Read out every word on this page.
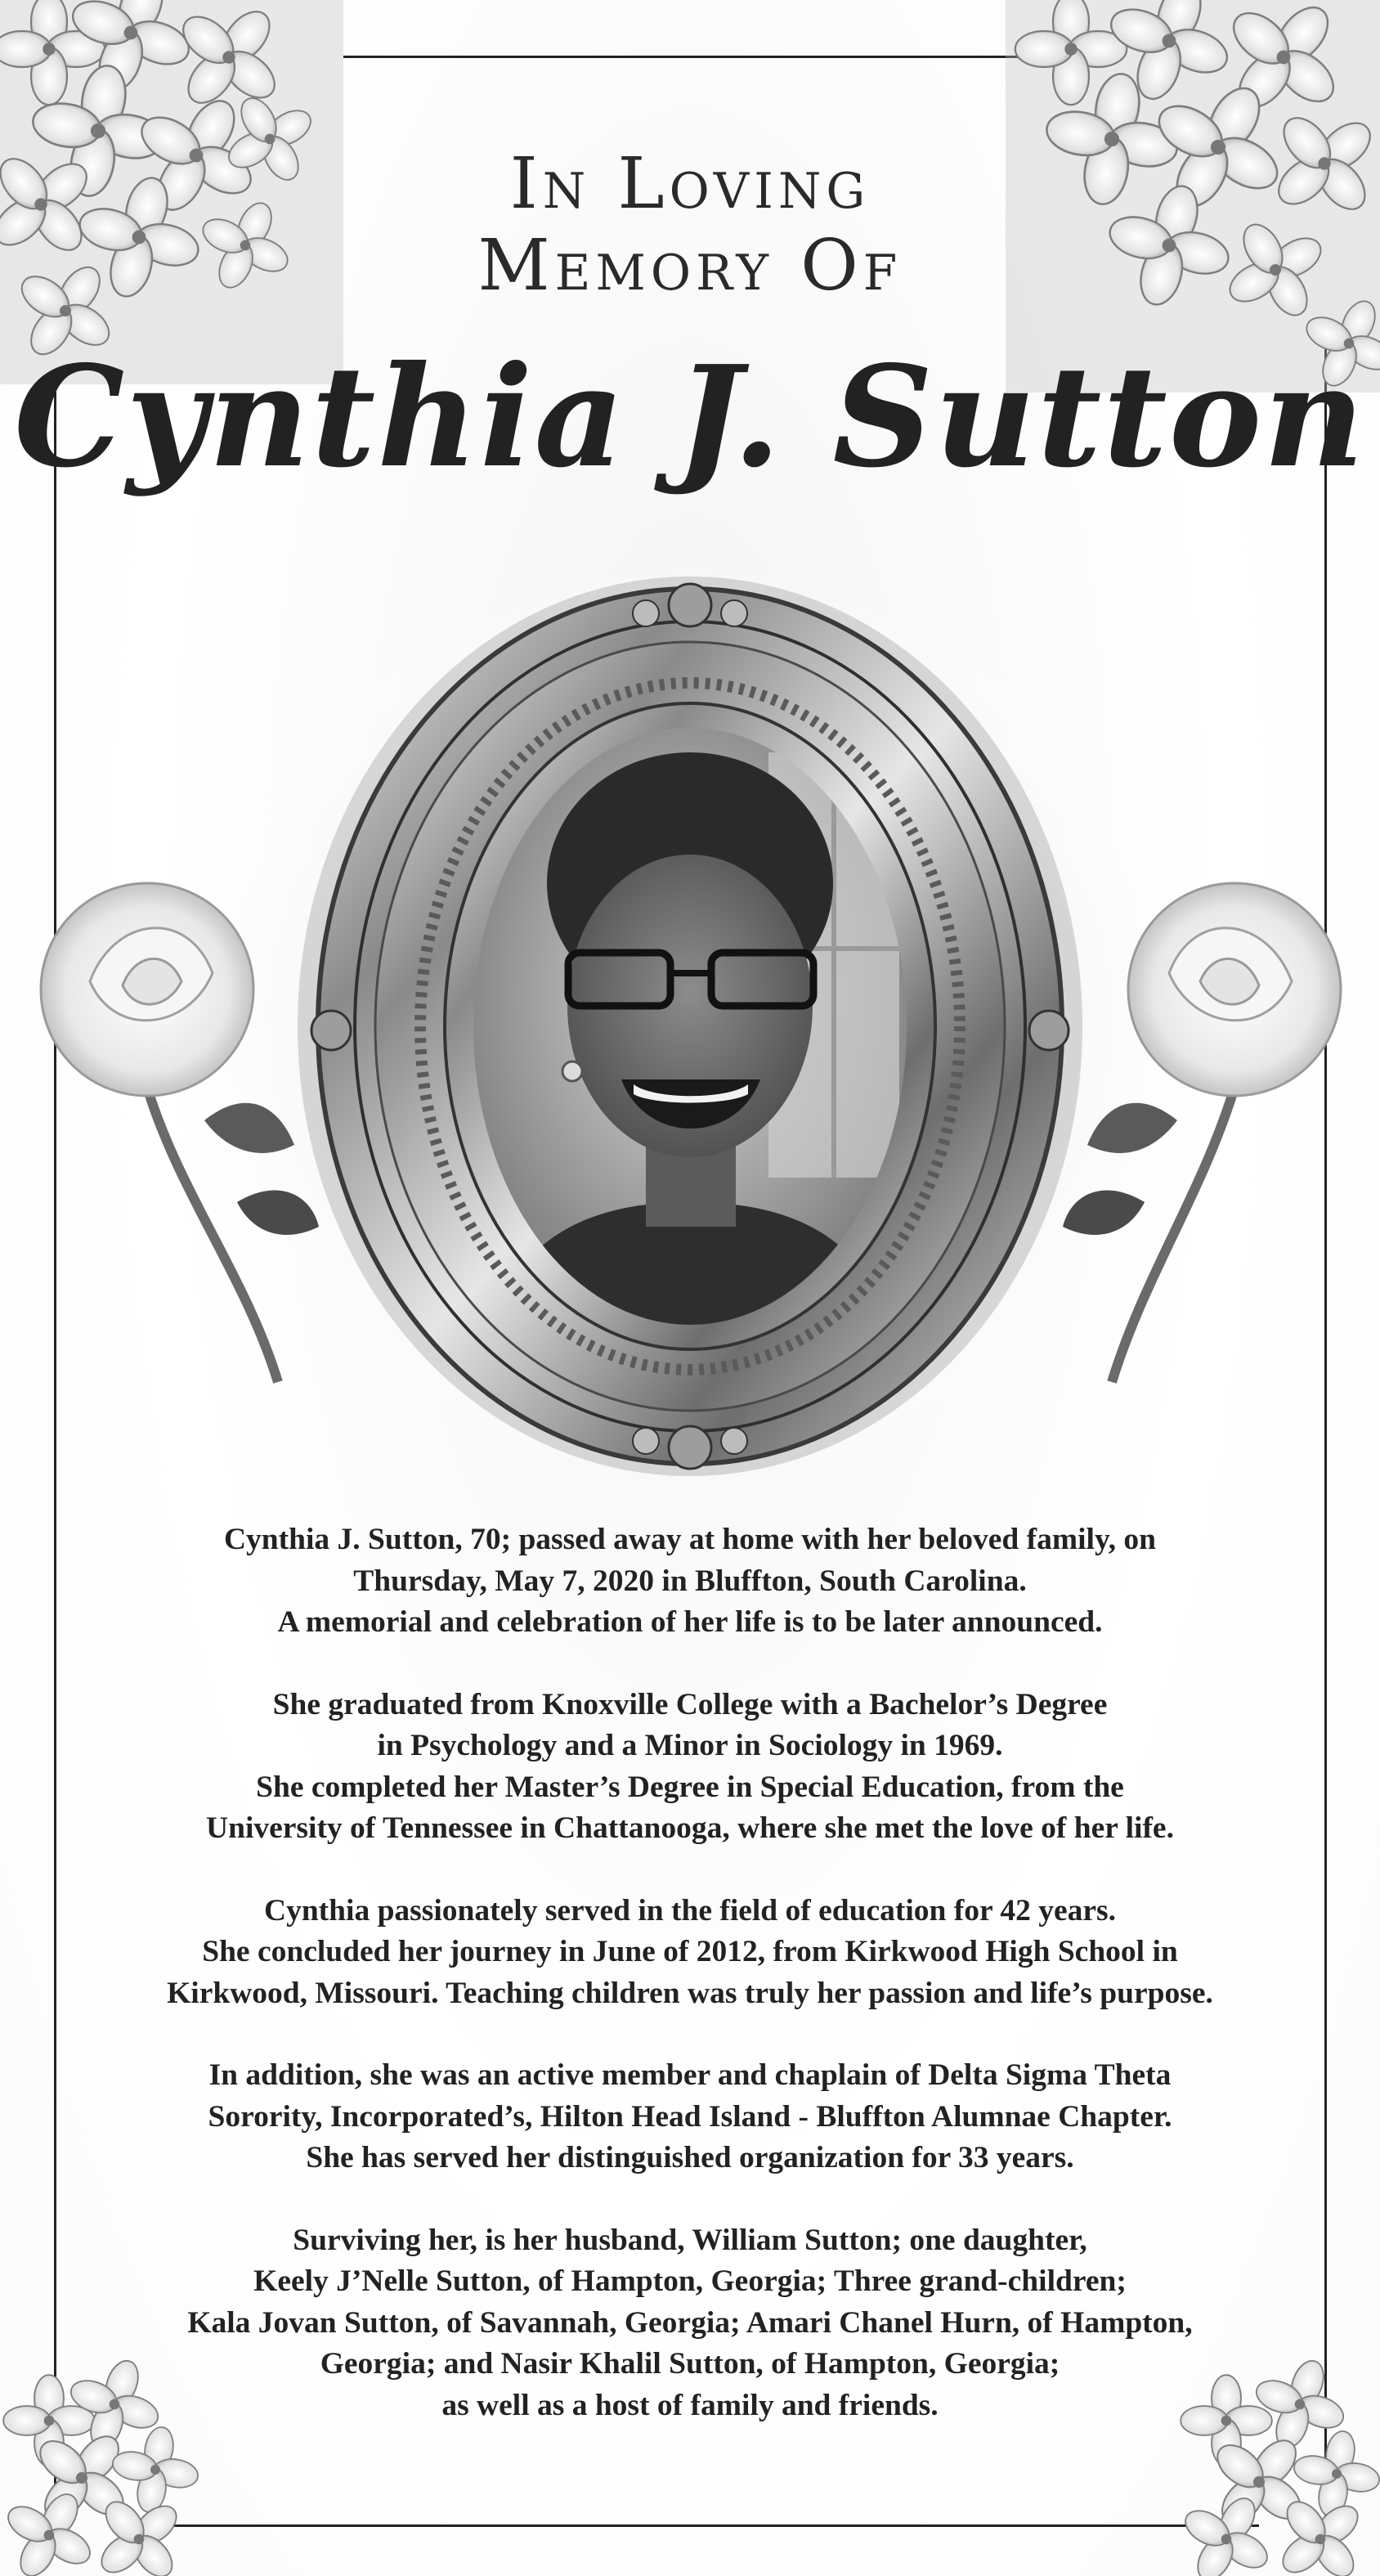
In Loving
Memory Of
Cynthia J. Sutton

Cynthia J. Sutton, 70; passed away at home with her beloved family, on
Thursday, May 7, 2020 in Bluffton, South Carolina.
A memorial and celebration of her life is to be later announced.

She graduated from Knoxville College with a Bachelor’s Degree
in Psychology and a Minor in Sociology in 1969.
She completed her Master’s Degree in Special Education, from the
University of Tennessee in Chattanooga, where she met the love of her life.

Cynthia passionately served in the field of education for 42 years.
She concluded her journey in June of 2012, from Kirkwood High School in
Kirkwood, Missouri. Teaching children was truly her passion and life’s purpose.

In addition, she was an active member and chaplain of Delta Sigma Theta
Sorority, Incorporated’s, Hilton Head Island - Bluffton Alumnae Chapter.
She has served her distinguished organization for 33 years.

Surviving her, is her husband, William Sutton; one daughter,
Keely J’Nelle Sutton, of Hampton, Georgia; Three grand-children;
Kala Jovan Sutton, of Savannah, Georgia; Amari Chanel Hurn, of Hampton,
Georgia; and Nasir Khalil Sutton, of Hampton, Georgia;
as well as a host of family and friends.
